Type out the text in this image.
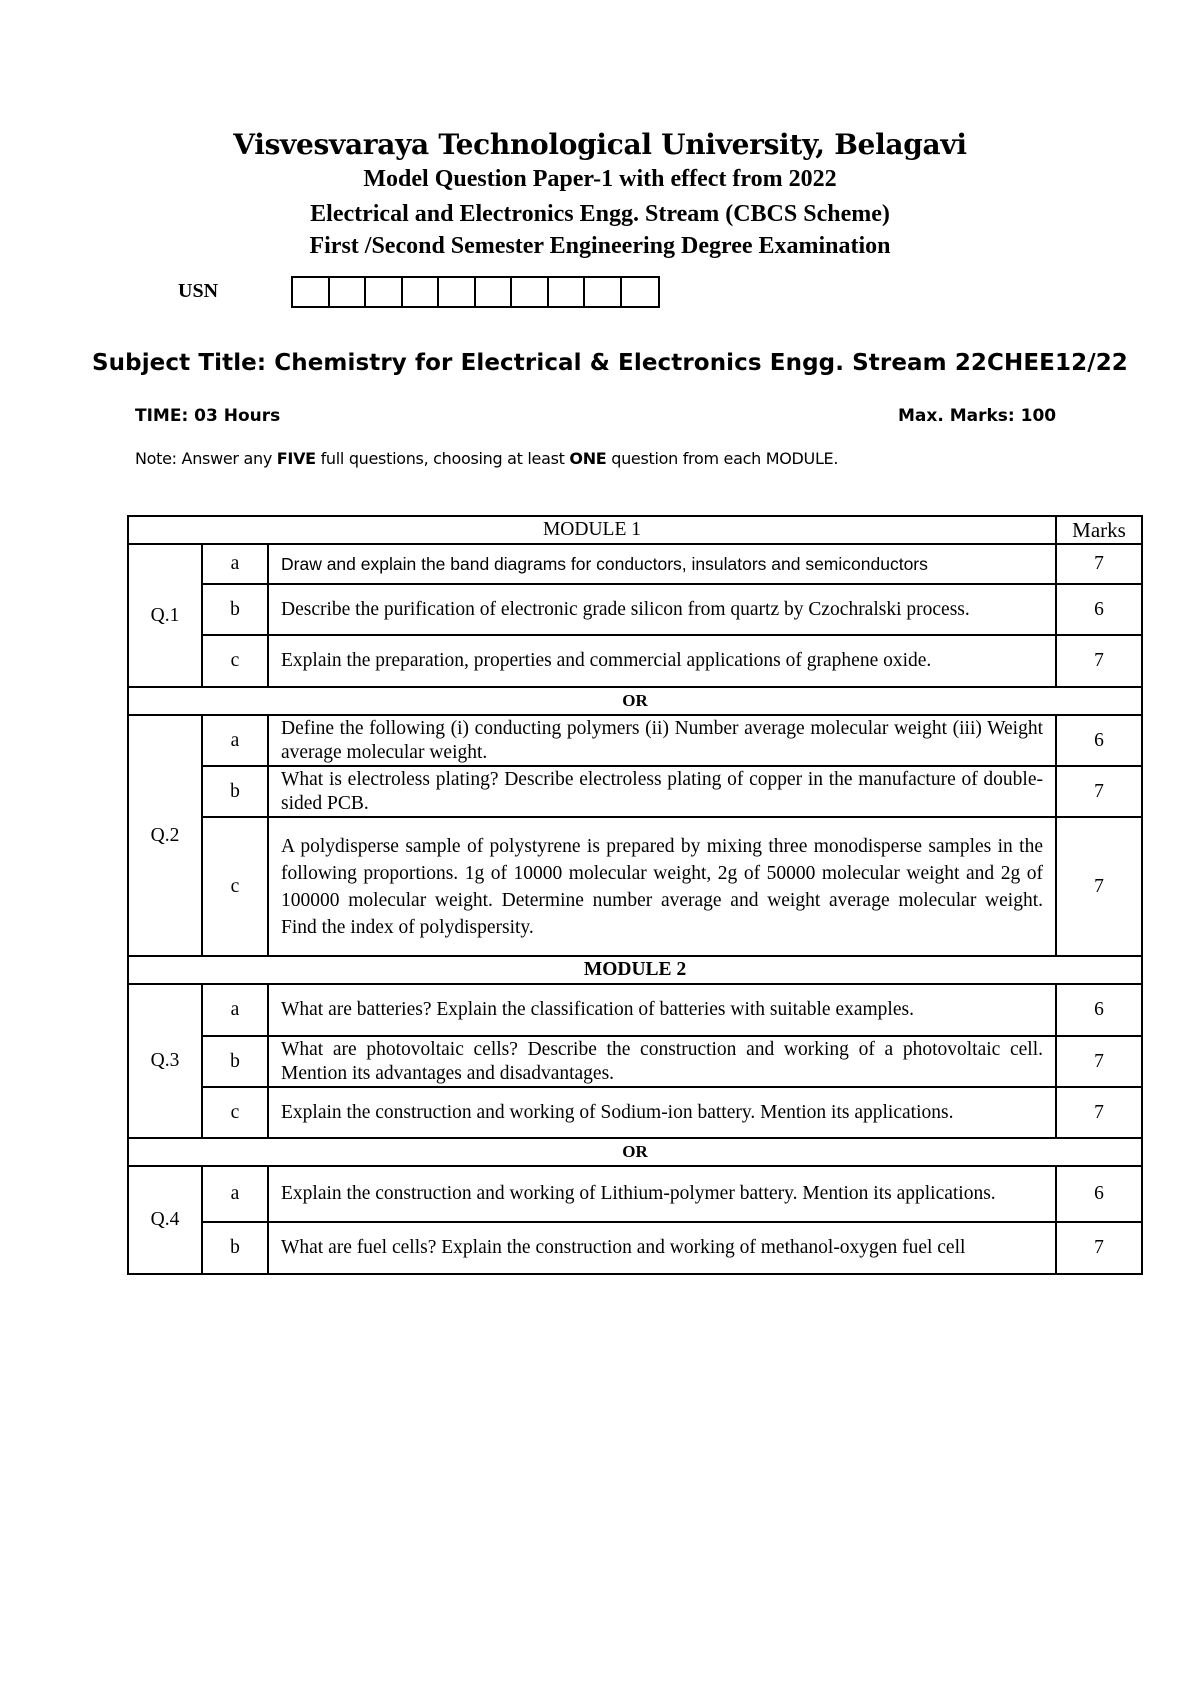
Visvesvaraya Technological University, Belagavi
Model Question Paper-1 with effect from 2022
Electrical and Electronics Engg. Stream (CBCS Scheme)
First /Second Semester Engineering Degree Examination
USN
Subject Title: Chemistry for Electrical & Electronics Engg. Stream 22CHEE12/22
TIME: 03 Hours	Max. Marks: 100
Note: Answer any FIVE full questions, choosing at least ONE question from each MODULE.
MODULE 1			Marks
Q.1	a	Draw and explain the band diagrams for conductors, insulators and semiconductors	7
	b	Describe the purification of electronic grade silicon from quartz by Czochralski process.	6
	c	Explain the preparation, properties and commercial applications of graphene oxide.	7
OR			
Q.2	a	Define the following (i) conducting polymers (ii) Number average molecular weight (iii) Weight average molecular weight.	6
	b	What is electroless plating? Describe electroless plating of copper in the manufacture of double-sided PCB.	7
	c	A polydisperse sample of polystyrene is prepared by mixing three monodisperse samples in the following proportions. 1g of 10000 molecular weight, 2g of 50000 molecular weight and 2g of 100000 molecular weight. Determine number average and weight average molecular weight. Find the index of polydispersity.	7
MODULE 2			
Q.3	a	What are batteries? Explain the classification of batteries with suitable examples.	6
	b	What are photovoltaic cells? Describe the construction and working of a photovoltaic cell. Mention its advantages and disadvantages.	7
	c	Explain the construction and working of Sodium-ion battery. Mention its applications.	7
OR			
Q.4	a	Explain the construction and working of Lithium-polymer battery. Mention its applications.	6
	b	What are fuel cells? Explain the construction and working of methanol-oxygen fuel cell	7
